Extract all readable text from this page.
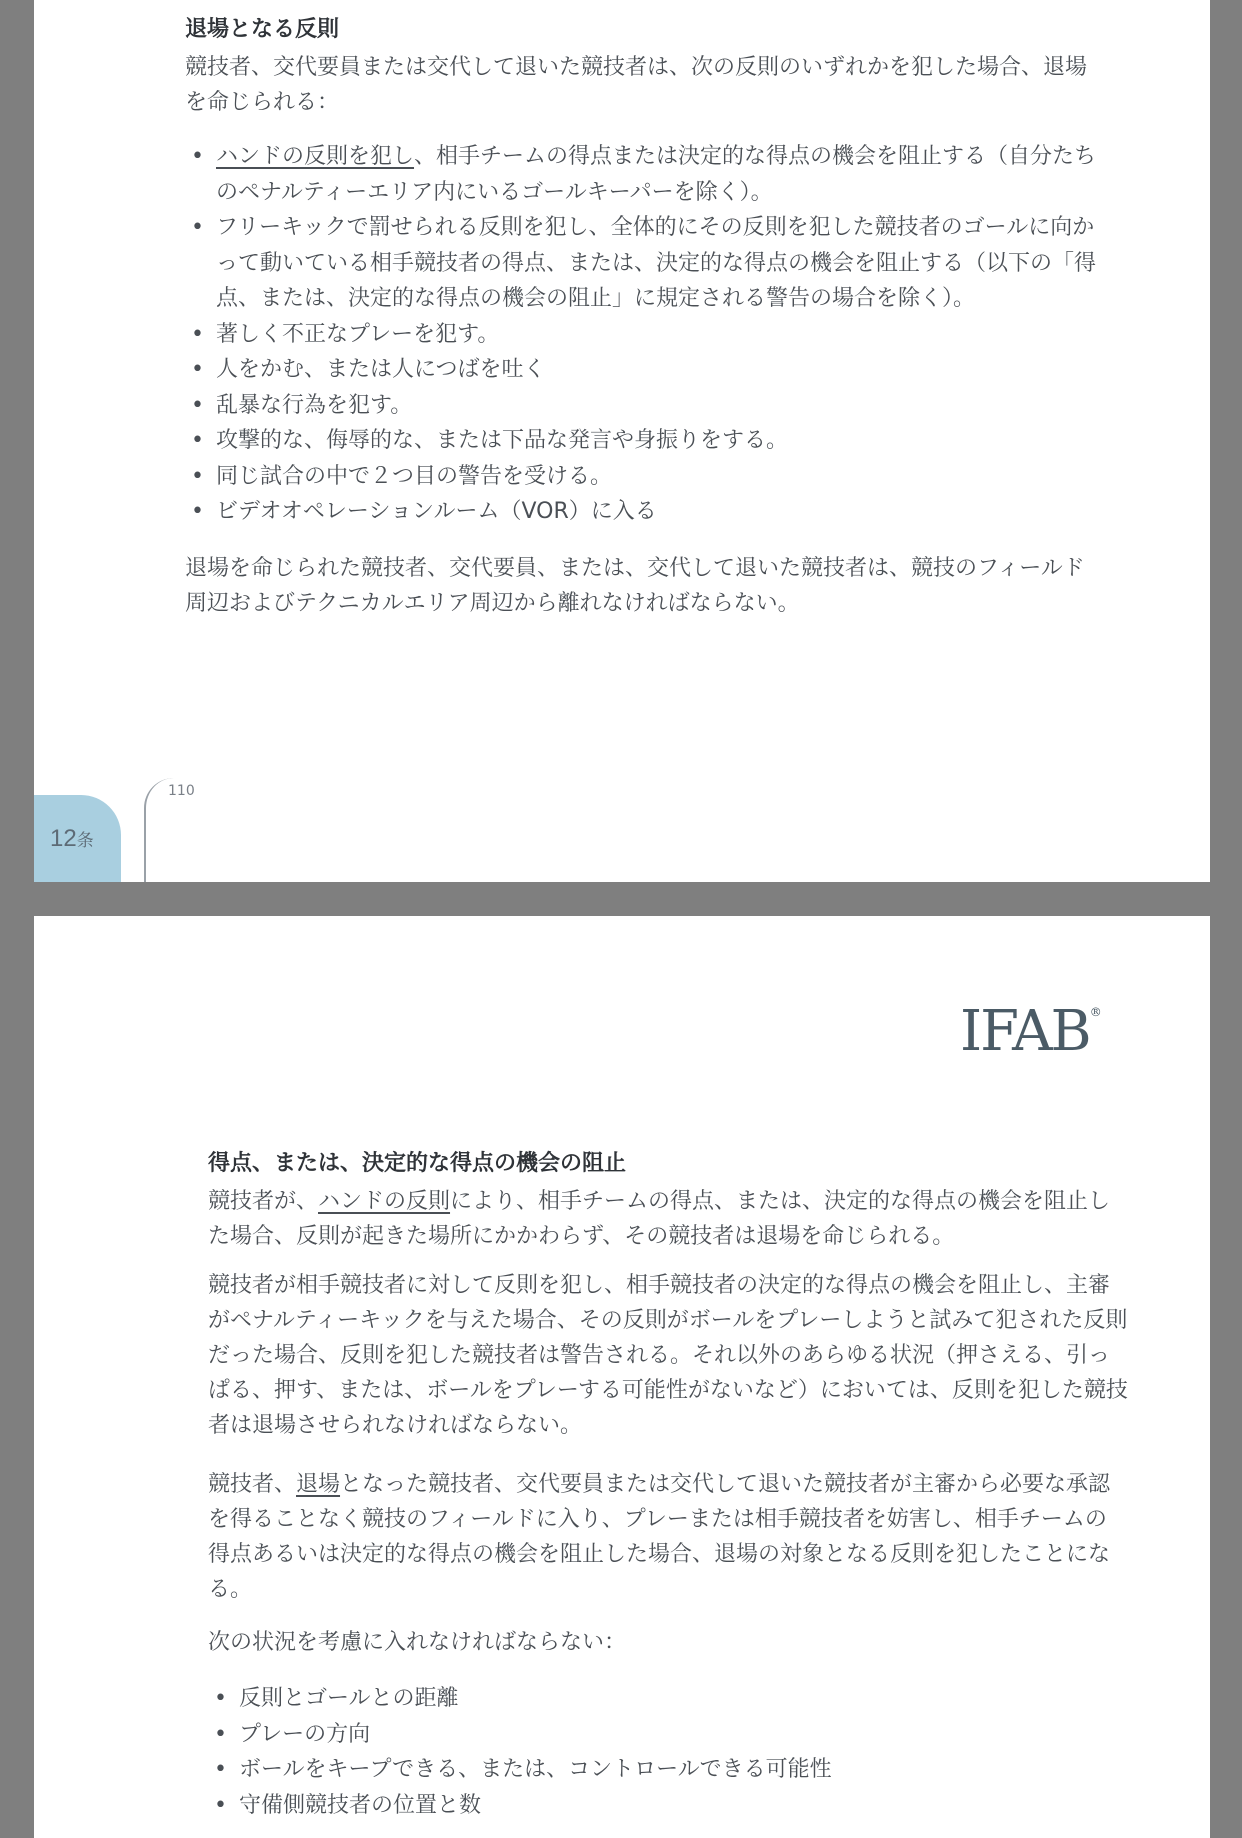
退場となる反則
競技者、交代要員または交代して退いた競技者は、次の反則のいずれかを犯した場合、退場を命じられる：
• ハンドの反則を犯し、相手チームの得点または決定的な得点の機会を阻止する（自分たちのペナルティーエリア内にいるゴールキーパーを除く）。
• フリーキックで罰せられる反則を犯し、全体的にその反則を犯した競技者のゴールに向かって動いている相手競技者の得点、または、決定的な得点の機会を阻止する（以下の「得点、または、決定的な得点の機会の阻止」に規定される警告の場合を除く）。
• 著しく不正なプレーを犯す。
• 人をかむ、または人につばを吐く
• 乱暴な行為を犯す。
• 攻撃的な、侮辱的な、または下品な発言や身振りをする。
• 同じ試合の中で２つ目の警告を受ける。
• ビデオオペレーションルーム（VOR）に入る
退場を命じられた競技者、交代要員、または、交代して退いた競技者は、競技のフィールド周辺およびテクニカルエリア周辺から離れなければならない。
12条
110
IFAB®
得点、または、決定的な得点の機会の阻止
競技者が、ハンドの反則により、相手チームの得点、または、決定的な得点の機会を阻止した場合、反則が起きた場所にかかわらず、その競技者は退場を命じられる。
競技者が相手競技者に対して反則を犯し、相手競技者の決定的な得点の機会を阻止し、主審がペナルティーキックを与えた場合、その反則がボールをプレーしようと試みて犯された反則だった場合、反則を犯した競技者は警告される。それ以外のあらゆる状況（押さえる、引っぱる、押す、または、ボールをプレーする可能性がないなど）においては、反則を犯した競技者は退場させられなければならない。
競技者、退場となった競技者、交代要員または交代して退いた競技者が主審から必要な承認を得ることなく競技のフィールドに入り、プレーまたは相手競技者を妨害し、相手チームの得点あるいは決定的な得点の機会を阻止した場合、退場の対象となる反則を犯したことになる。
次の状況を考慮に入れなければならない：
• 反則とゴールとの距離
• プレーの方向
• ボールをキープできる、または、コントロールできる可能性
• 守備側競技者の位置と数
